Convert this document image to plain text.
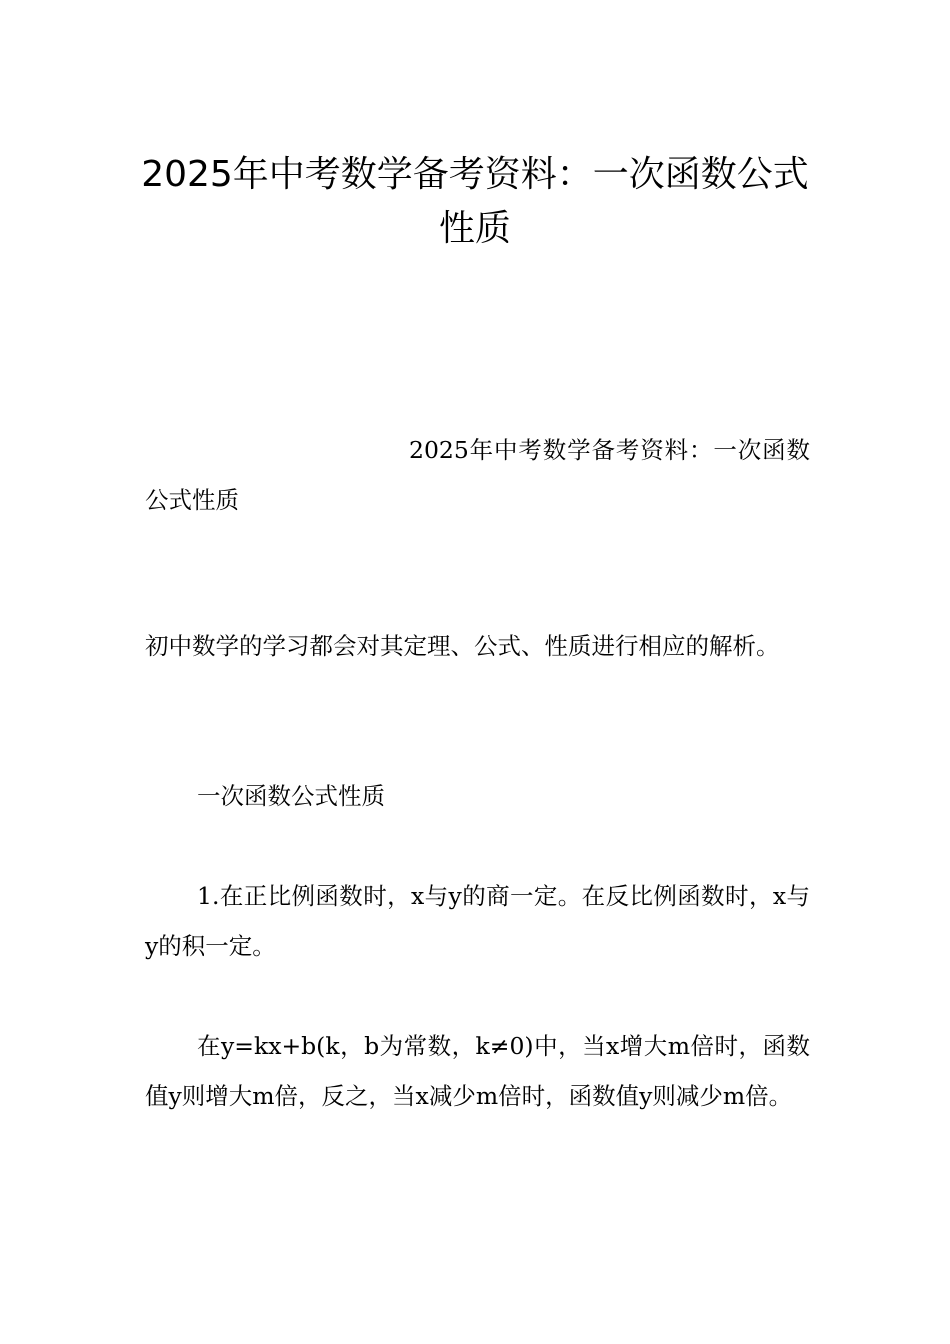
2025年中考数学备考资料：一次函数公式性质

2025年中考数学备考资料：一次函数公式性质

初中数学的学习都会对其定理、公式、性质进行相应的解析。

一次函数公式性质

1.在正比例函数时，x与y的商一定。在反比例函数时，x与y的积一定。

在y=kx+b(k，b为常数，k≠0)中，当x增大m倍时，函数值y则增大m倍，反之，当x减少m倍时，函数值y则减少m倍。
